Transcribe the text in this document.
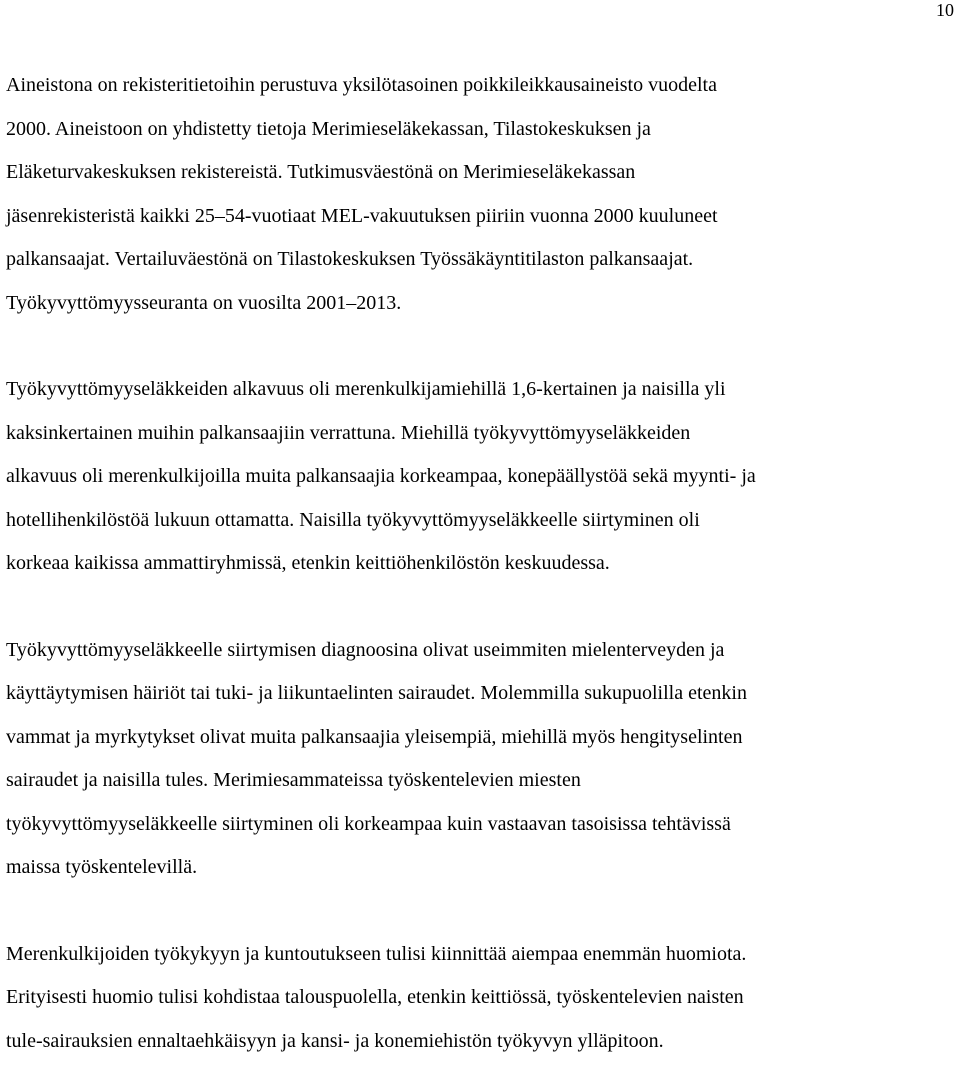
10

Aineistona on rekisteritietoihin perustuva yksilötasoinen poikkileikkausaineisto vuodelta
2000. Aineistoon on yhdistetty tietoja Merimieseläkekassan, Tilastokeskuksen ja
Eläketurvakeskuksen rekistereistä. Tutkimusväestönä on Merimieseläkekassan
jäsenrekisteristä kaikki 25–54-vuotiaat MEL-vakuutuksen piiriin vuonna 2000 kuuluneet
palkansaajat. Vertailuväestönä on Tilastokeskuksen Työssäkäyntitilaston palkansaajat.
Työkyvyttömyysseuranta on vuosilta 2001–2013.

Työkyvyttömyyseläkkeiden alkavuus oli merenkulkijamiehillä 1,6-kertainen ja naisilla yli
kaksinkertainen muihin palkansaajiin verrattuna. Miehillä työkyvyttömyyseläkkeiden
alkavuus oli merenkulkijoilla muita palkansaajia korkeampaa, konepäällystöä sekä myynti- ja
hotellihenkilöstöä lukuun ottamatta. Naisilla työkyvyttömyyseläkkeelle siirtyminen oli
korkeaa kaikissa ammattiryhmissä, etenkin keittiöhenkilöstön keskuudessa.

Työkyvyttömyyseläkkeelle siirtymisen diagnoosina olivat useimmiten mielenterveyden ja
käyttäytymisen häiriöt tai tuki- ja liikuntaelinten sairaudet. Molemmilla sukupuolilla etenkin
vammat ja myrkytykset olivat muita palkansaajia yleisempiä, miehillä myös hengityselinten
sairaudet ja naisilla tules. Merimiesammateissa työskentelevien miesten
työkyvyttömyyseläkkeelle siirtyminen oli korkeampaa kuin vastaavan tasoisissa tehtävissä
maissa työskentelevillä.

Merenkulkijoiden työkykyyn ja kuntoutukseen tulisi kiinnittää aiempaa enemmän huomiota.
Erityisesti huomio tulisi kohdistaa talouspuolella, etenkin keittiössä, työskentelevien naisten
tule-sairauksien ennaltaehkäisyyn ja kansi- ja konemiehistön työkyvyn ylläpitoon.
